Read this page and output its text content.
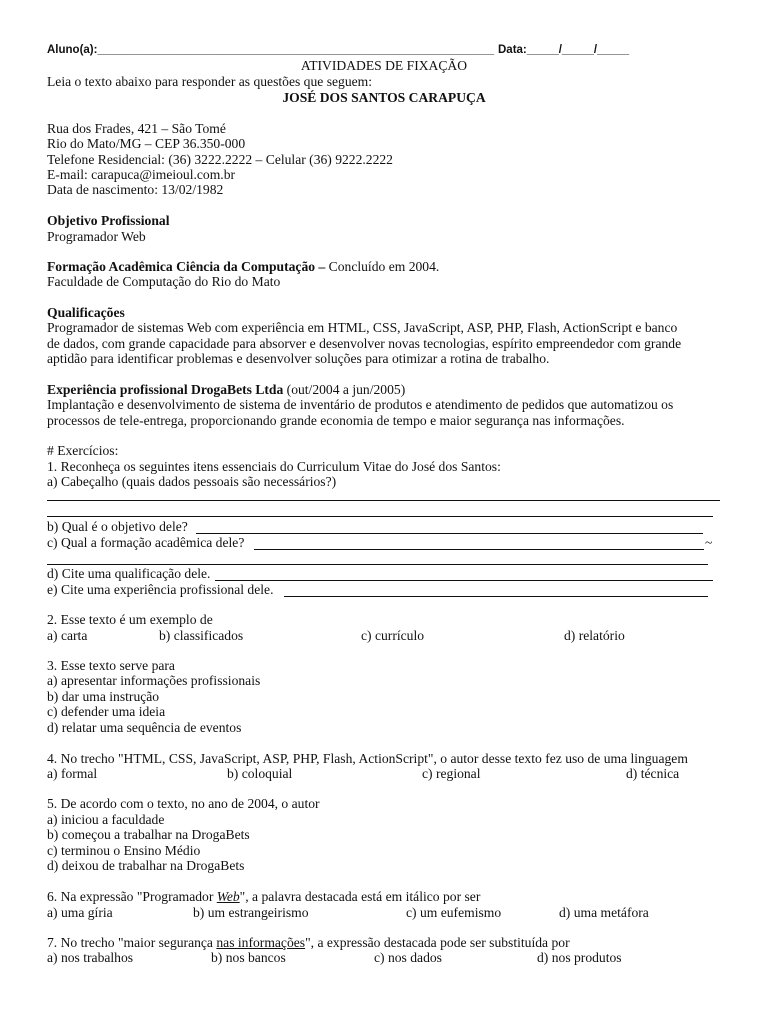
Aluno(a):______________________________________________________________ Data:_____/_____/_____
ATIVIDADES DE FIXAÇÃO
Leia o texto abaixo para responder as questões que seguem:
JOSÉ DOS SANTOS CARAPUÇA
Rua dos Frades, 421 – São Tomé
Rio do Mato/MG – CEP 36.350-000
Telefone Residencial: (36) 3222.2222 – Celular (36) 9222.2222
E-mail: carapuca@imeioul.com.br
Data de nascimento: 13/02/1982
Objetivo Profissional
Programador Web
Formação Acadêmica Ciência da Computação – Concluído em 2004.
Faculdade de Computação do Rio do Mato
Qualificações
Programador de sistemas Web com experiência em HTML, CSS, JavaScript, ASP, PHP, Flash, ActionScript e banco
de dados, com grande capacidade para absorver e desenvolver novas tecnologias, espírito empreendedor com grande
aptidão para identificar problemas e desenvolver soluções para otimizar a rotina de trabalho.
Experiência profissional DrogaBets Ltda (out/2004 a jun/2005)
Implantação e desenvolvimento de sistema de inventário de produtos e atendimento de pedidos que automatizou os
processos de tele-entrega, proporcionando grande economia de tempo e maior segurança nas informações.
# Exercícios:
1. Reconheça os seguintes itens essenciais do Curriculum Vitae do José dos Santos:
a) Cabeçalho (quais dados pessoais são necessários?)
b) Qual é o objetivo dele?
c) Qual a formação acadêmica dele?	~
d) Cite uma qualificação dele.
e) Cite uma experiência profissional dele.
2. Esse texto é um exemplo de
a) carta	b) classificados	c) currículo	d) relatório
3. Esse texto serve para
a) apresentar informações profissionais
b) dar uma instrução
c) defender uma ideia
d) relatar uma sequência de eventos
4. No trecho "HTML, CSS, JavaScript, ASP, PHP, Flash, ActionScript", o autor desse texto fez uso de uma linguagem
a) formal	b) coloquial	c) regional	d) técnica
5. De acordo com o texto, no ano de 2004, o autor
a) iniciou a faculdade
b) começou a trabalhar na DrogaBets
c) terminou o Ensino Médio
d) deixou de trabalhar na DrogaBets
6. Na expressão "Programador Web", a palavra destacada está em itálico por ser
a) uma gíria	b) um estrangeirismo	c) um eufemismo	d) uma metáfora
7. No trecho "maior segurança nas informações", a expressão destacada pode ser substituída por
a) nos trabalhos	b) nos bancos	c) nos dados	d) nos produtos
